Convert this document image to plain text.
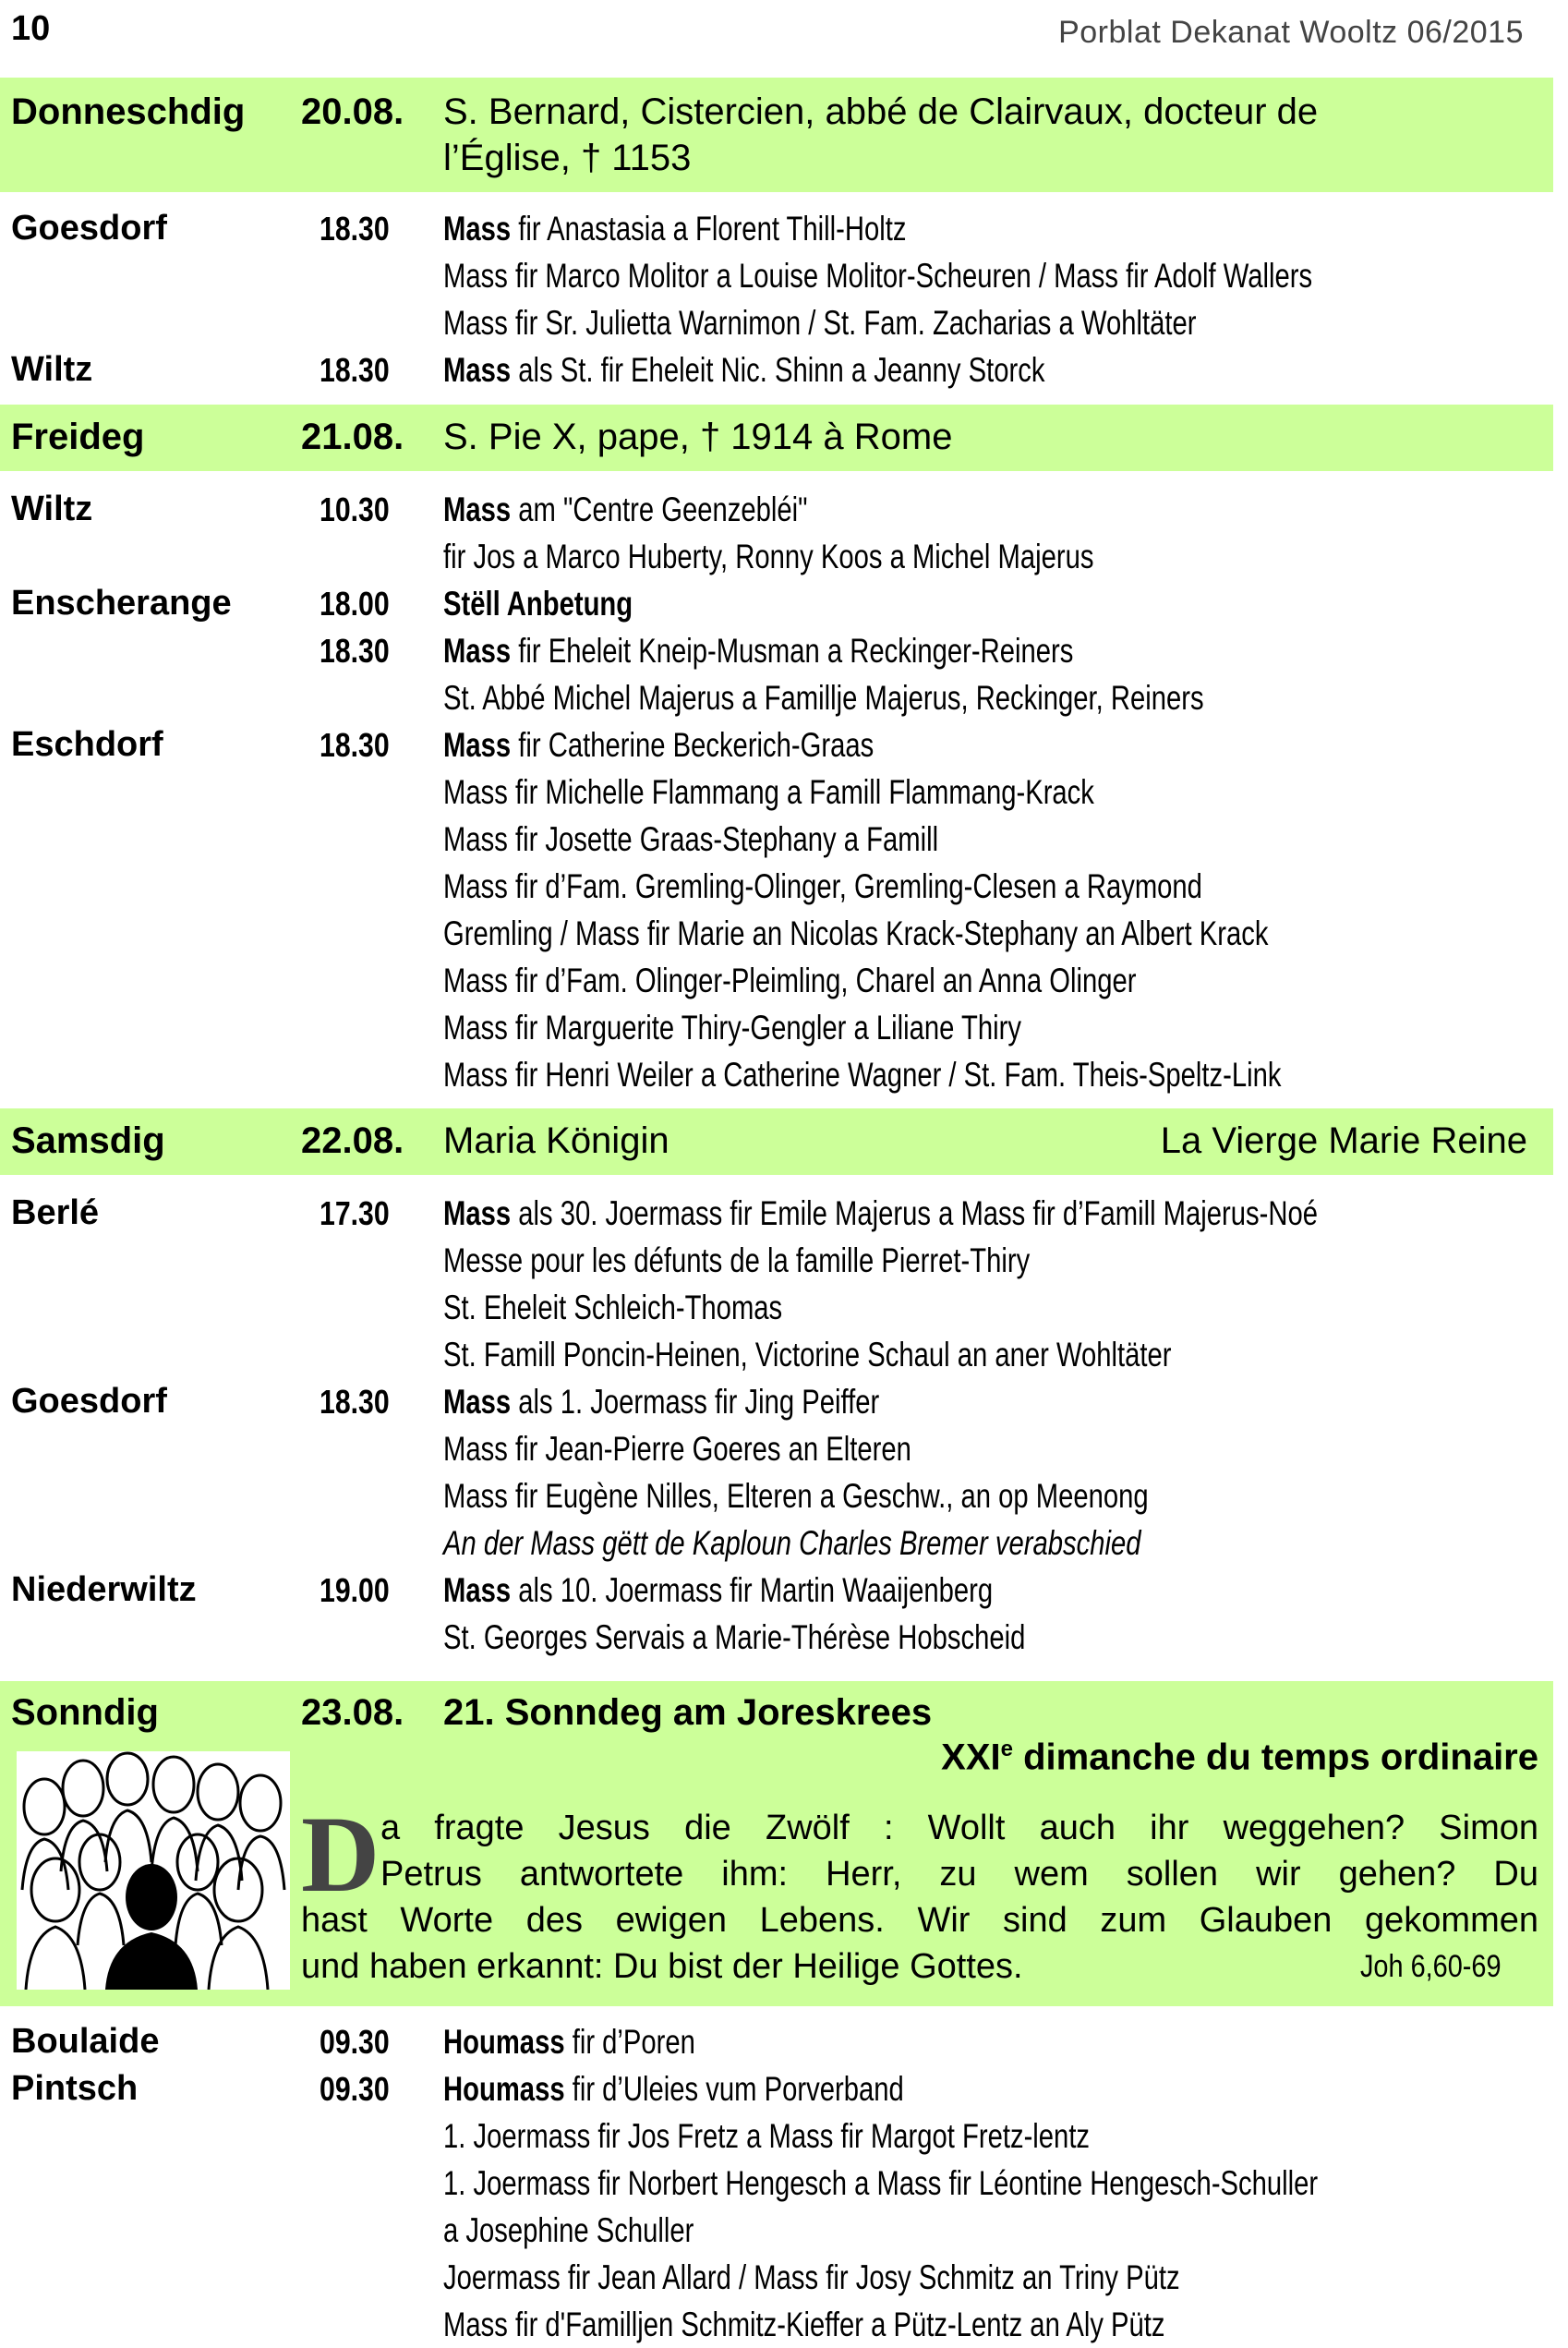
10	Porblat Dekanat Wooltz 06/2015
Donneschdig 20.08. S. Bernard, Cistercien, abbé de Clairvaux, docteur de
l’Église, † 1153
Goesdorf	18.30 Mass fir Anastasia a Florent Thill-Holtz
Mass fir Marco Molitor a Louise Molitor-Scheuren / Mass fir Adolf Wallers
Mass fir Sr. Julietta Warnimon / St. Fam. Zacharias a Wohltäter
Wiltz	18.30 Mass als St. fir Eheleit Nic. Shinn a Jeanny Storck
Freideg	21.08. S. Pie X, pape, † 1914 à Rome
Wiltz	10.30 Mass am "Centre Geenzebléi"
fir Jos a Marco Huberty, Ronny Koos a Michel Majerus
Enscherange	18.00 Stëll Anbetung
18.30 Mass fir Eheleit Kneip-Musman a Reckinger-Reiners
St. Abbé Michel Majerus a Famillje Majerus, Reckinger, Reiners
Eschdorf	18.30 Mass fir Catherine Beckerich-Graas
Mass fir Michelle Flammang a Famill Flammang-Krack
Mass fir Josette Graas-Stephany a Famill
Mass fir d’Fam. Gremling-Olinger, Gremling-Clesen a Raymond
Gremling / Mass fir Marie an Nicolas Krack-Stephany an Albert Krack
Mass fir d’Fam. Olinger-Pleimling, Charel an Anna Olinger
Mass fir Marguerite Thiry-Gengler a Liliane Thiry
Mass fir Henri Weiler a Catherine Wagner / St. Fam. Theis-Speltz-Link
Samsdig	22.08. Maria Königin	La Vierge Marie Reine
Berlé	17.30 Mass als 30. Joermass fir Emile Majerus a Mass fir d’Famill Majerus-Noé
Messe pour les défunts de la famille Pierret-Thiry
St. Eheleit Schleich-Thomas
St. Famill Poncin-Heinen, Victorine Schaul an aner Wohltäter
Goesdorf	18.30 Mass als 1. Joermass fir Jing Peiffer
Mass fir Jean-Pierre Goeres an Elteren
Mass fir Eugène Nilles, Elteren a Geschw., an op Meenong
An der Mass gëtt de Kaploun Charles Bremer verabschied
Niederwiltz	19.00 Mass als 10. Joermass fir Martin Waaijenberg
St. Georges Servais a Marie-Thérèse Hobscheid
Sonndig	23.08. 21. Sonndeg am Joreskrees
XXIe dimanche du temps ordinaire
D a fragte Jesus die Zwölf : Wollt auch ihr weggehen? Simon
Petrus antwortete ihm: Herr, zu wem sollen wir gehen? Du
hast Worte des ewigen Lebens. Wir sind zum Glauben gekommen
und haben erkannt: Du bist der Heilige Gottes.	Joh 6,60-69
Boulaide	09.30 Houmass fir d’Poren
Pintsch	09.30 Houmass fir d’Uleies vum Porverband
1. Joermass fir Jos Fretz a Mass fir Margot Fretz-lentz
1. Joermass fir Norbert Hengesch a Mass fir Léontine Hengesch-Schuller
a Josephine Schuller
Joermass fir Jean Allard / Mass fir Josy Schmitz an Triny Pütz
Mass fir d'Familljen Schmitz-Kieffer a Pütz-Lentz an Aly Pütz
